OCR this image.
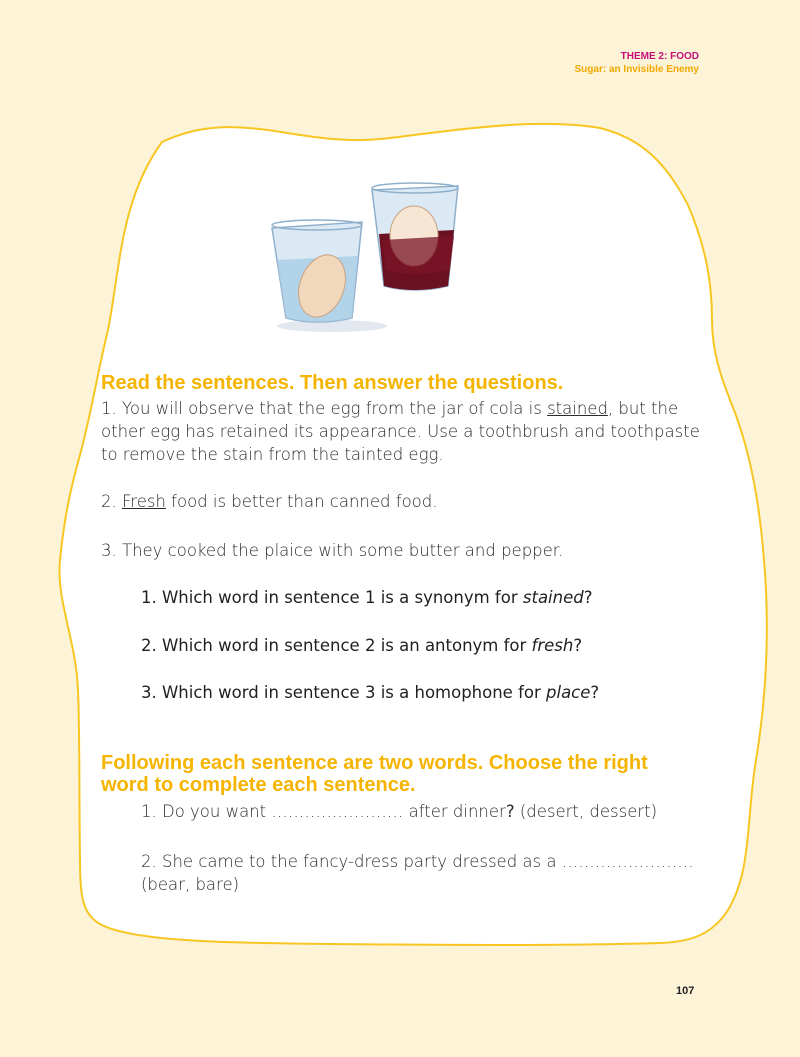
THEME 2: FOOD
Sugar: an Invisible Enemy
Read the sentences. Then answer the questions.

1. You will observe that the egg from the jar of cola is stained, but the other egg has retained its appearance. Use a toothbrush and toothpaste to remove the stain from the tainted egg.

2. Fresh food is better than canned food.

3. They cooked the plaice with some butter and pepper.

1. Which word in sentence 1 is a synonym for stained?

2. Which word in sentence 2 is an antonym for fresh?

3. Which word in sentence 3 is a homophone for place?

Following each sentence are two words. Choose the right word to complete each sentence.

1. Do you want …………………… after dinner? (desert, dessert)

2. She came to the fancy-dress party dressed as a …………………… (bear, bare)

107
